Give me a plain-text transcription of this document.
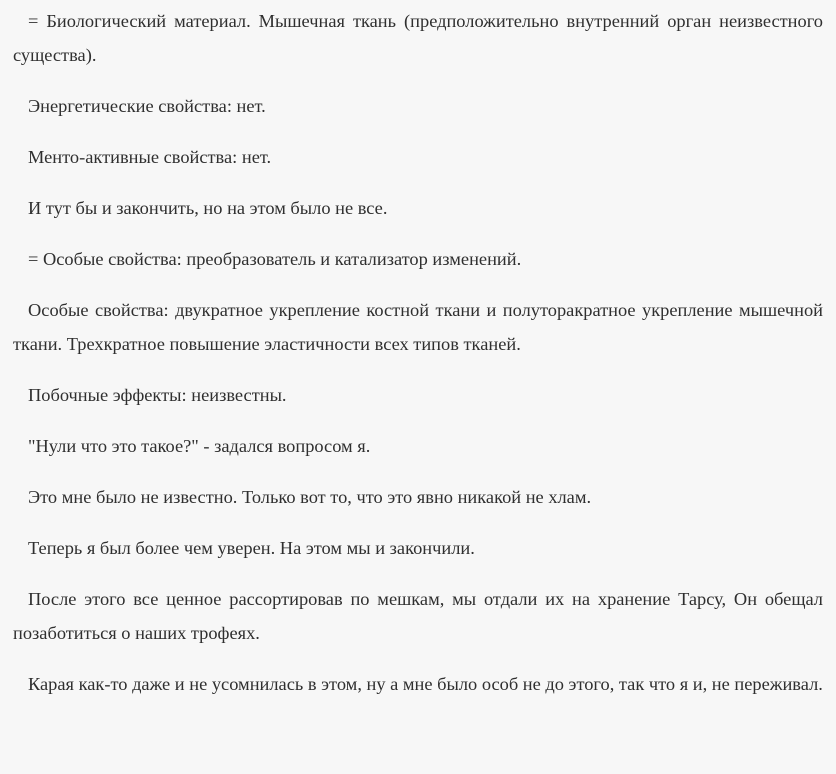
= Биологический материал. Мышечная ткань (предположительно внутренний орган неизвестного существа).

Энергетические свойства: нет.

Менто-активные свойства: нет.

И тут бы и закончить, но на этом было не все.

= Особые свойства: преобразователь и катализатор изменений.

Особые свойства: двукратное укрепление костной ткани и полуторакратное укрепление мышечной ткани. Трехкратное повышение эластичности всех типов тканей.

Побочные эффекты: неизвестны.

"Нули что это такое?" - задался вопросом я.

Это мне было не известно. Только вот то, что это явно никакой не хлам.

Теперь я был более чем уверен. На этом мы и закончили.

После этого все ценное рассортировав по мешкам, мы отдали их на хранение Тарсу, Он обещал позаботиться о наших трофеях.

Карая как-то даже и не усомнилась в этом, ну а мне было особ не до этого, так что я и, не переживал.
